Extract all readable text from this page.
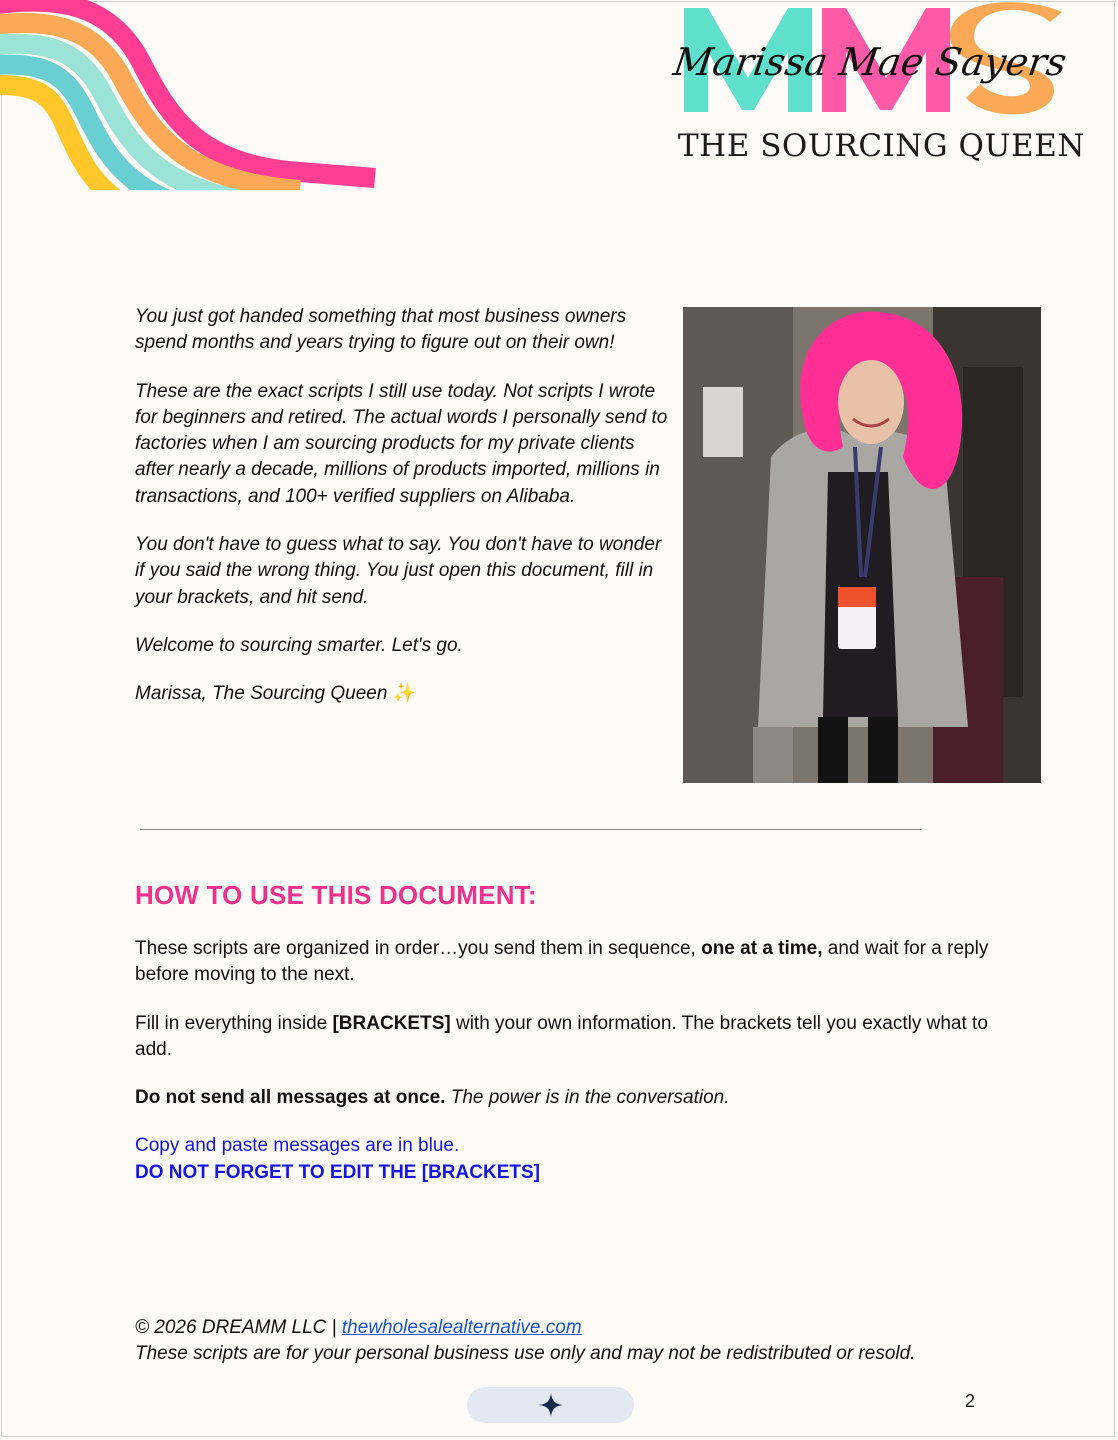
Marissa Mae Sayers
THE SOURCING QUEEN

You just got handed something that most business owners spend months and years trying to figure out on their own!

These are the exact scripts I still use today. Not scripts I wrote for beginners and retired. The actual words I personally send to factories when I am sourcing products for my private clients after nearly a decade, millions of products imported, millions in transactions, and 100+ verified suppliers on Alibaba.

You don't have to guess what to say. You don't have to wonder if you said the wrong thing. You just open this document, fill in your brackets, and hit send.

Welcome to sourcing smarter. Let's go.

Marissa, The Sourcing Queen ✨

HOW TO USE THIS DOCUMENT:

These scripts are organized in order…you send them in sequence, one at a time, and wait for a reply before moving to the next.

Fill in everything inside [BRACKETS] with your own information. The brackets tell you exactly what to add.

Do not send all messages at once. The power is in the conversation.

Copy and paste messages are in blue.
DO NOT FORGET TO EDIT THE [BRACKETS]

© 2026 DREAMM LLC | thewholesalealternative.com
These scripts are for your personal business use only and may not be redistributed or resold.
2
